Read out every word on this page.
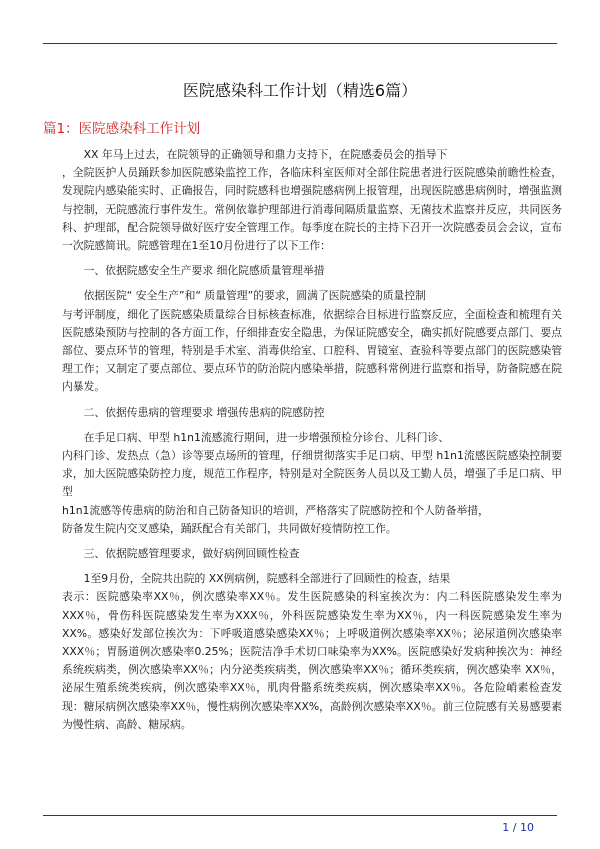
医院感染科工作计划（精选6篇）
篇1：医院感染科工作计划

XX 年马上过去，在院领导的正确领导和鼎力支持下，在院感委员会的指导下

，全院医护人员踊跃参加医院感染监控工作，各临床科室医师对全部住院患者进行医院感染前瞻性检查，发现院内感染能实时、正确报告，同时院感科也增强院感病例上报管理，出现医院感患病例时，增强监测与控制，无院感流行事件发生。常例依靠护理部进行消毒间隔质量监察、无菌技术监察并反应，共同医务科、护理部，配合院领导做好医疗安全管理工作。每季度在院长的主持下召开一次院感委员会会议，宣布一次院感简讯。院感管理在1至10月份进行了以下工作：

一、依据院感安全生产要求 细化院感质量管理举措

依据医院“ 安全生产”和“ 质量管理”的要求，圆满了医院感染的质量控制

与考评制度，细化了医院感染质量综合目标核查标准，依据综合目标进行监察反应，全面检查和梳理有关医院感染预防与控制的各方面工作，仔细排查安全隐患，为保证院感安全，确实抓好院感要点部门、要点部位、要点环节的管理，特别是手术室、消毒供给室、口腔科、胃镜室、查验科等要点部门的医院感染管理工作；又制定了要点部位、要点环节的防治院内感染举措，院感科常例进行监察和指导，防备院感在院内暴发。

二、依据传患病的管理要求 增强传患病的院感防控

在手足口病、甲型 h1n1流感流行期间，进一步增强预检分诊台、儿科门诊、

内科门诊、发热点（急）诊等要点场所的管理，仔细贯彻落实手足口病、甲型 h1n1流感医院感染控制要求，加大医院感染防控力度，规范工作程序，特别是对全院医务人员以及工勤人员，增强了手足口病、甲型

h1n1流感等传患病的防治和自己防备知识的培训，严格落实了院感防控和个人防备举措，

防备发生院内交叉感染，踊跃配合有关部门，共同做好疫情防控工作。

三、依据院感管理要求，做好病例回顾性检查

1至9月份，全院共出院的 XX例病例，院感科全部进行了回顾性的检查，结果

表示：医院感染率XX％，例次感染率XX％。发生医院感染的科室挨次为：内二科医院感染发生率为XXX％，骨伤科医院感染发生率为XXX％，外科医院感染发生率为XX％，内一科医院感染发生率为XX%。感染好发部位挨次为：下呼吸道感染感染XX％；上呼吸道例次感染率XX％；泌尿道例次感染率XXX％；胃肠道例次感染率0.25%；医院洁净手术切口味染率为XX%。医院感染好发病种挨次为：神经系统疾病类，例次感染率XX％；内分泌类疾病类，例次感染率XX％；循环类疾病，例次感染率 XX％，泌尿生殖系统类疾病，例次感染率XX％，肌肉骨骼系统类疾病，例次感染率XX％。各危险峭素检查发现：糖尿病例次感染率XX％，慢性病例次感染率XX%，高龄例次感染率XX％。前三位院感有关易感要素为慢性病、高龄、糖尿病。

1 / 10
